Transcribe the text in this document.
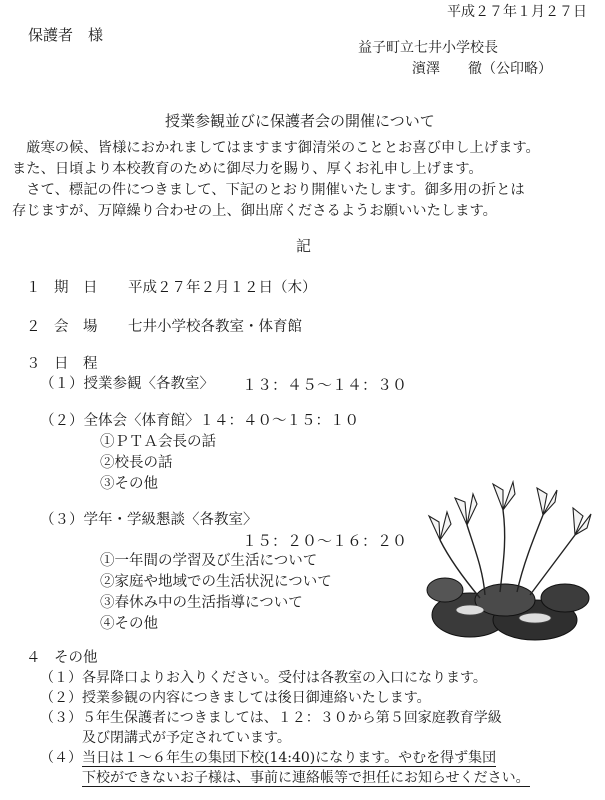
平成２７年１月２７日
保護者　様
益子町立七井小学校長
濱澤　　徹（公印略）
授業参観並びに保護者会の開催について
　厳寒の候、皆様におかれましてはますます御清栄のこととお喜び申し上げます。
また、日頃より本校教育のために御尽力を賜り、厚くお礼申し上げます。
　さて、標記の件につきまして、下記のとおり開催いたします。御多用の折とは
存じますが、万障繰り合わせの上、御出席くださるようお願いいたします。
記
１ 期　日 平成２７年２月１２日（木）
２ 会　場 七井小学校各教室・体育館
３ 日　程
（１）授業参観〈各教室〉 １３：４５〜１４：３０
（２）全体会〈体育館〉１４：４０〜１５：１０
①ＰＴＡ会長の話
②校長の話
③その他
（３）学年・学級懇談〈各教室〉
１５：２０〜１６：２０
①一年間の学習及び生活について
②家庭や地域での生活状況について
③春休み中の生活指導について
④その他
４ その他
（１）各昇降口よりお入りください。受付は各教室の入口になります。
（２）授業参観の内容につきましては後日御連絡いたします。
（３）５年生保護者につきましては、１２：３０から第５回家庭教育学級
及び閉講式が予定されています。
（４）当日は１〜６年生の集団下校(14:40)になります。やむを得ず集団
下校ができないお子様は、事前に連絡帳等で担任にお知らせください。
